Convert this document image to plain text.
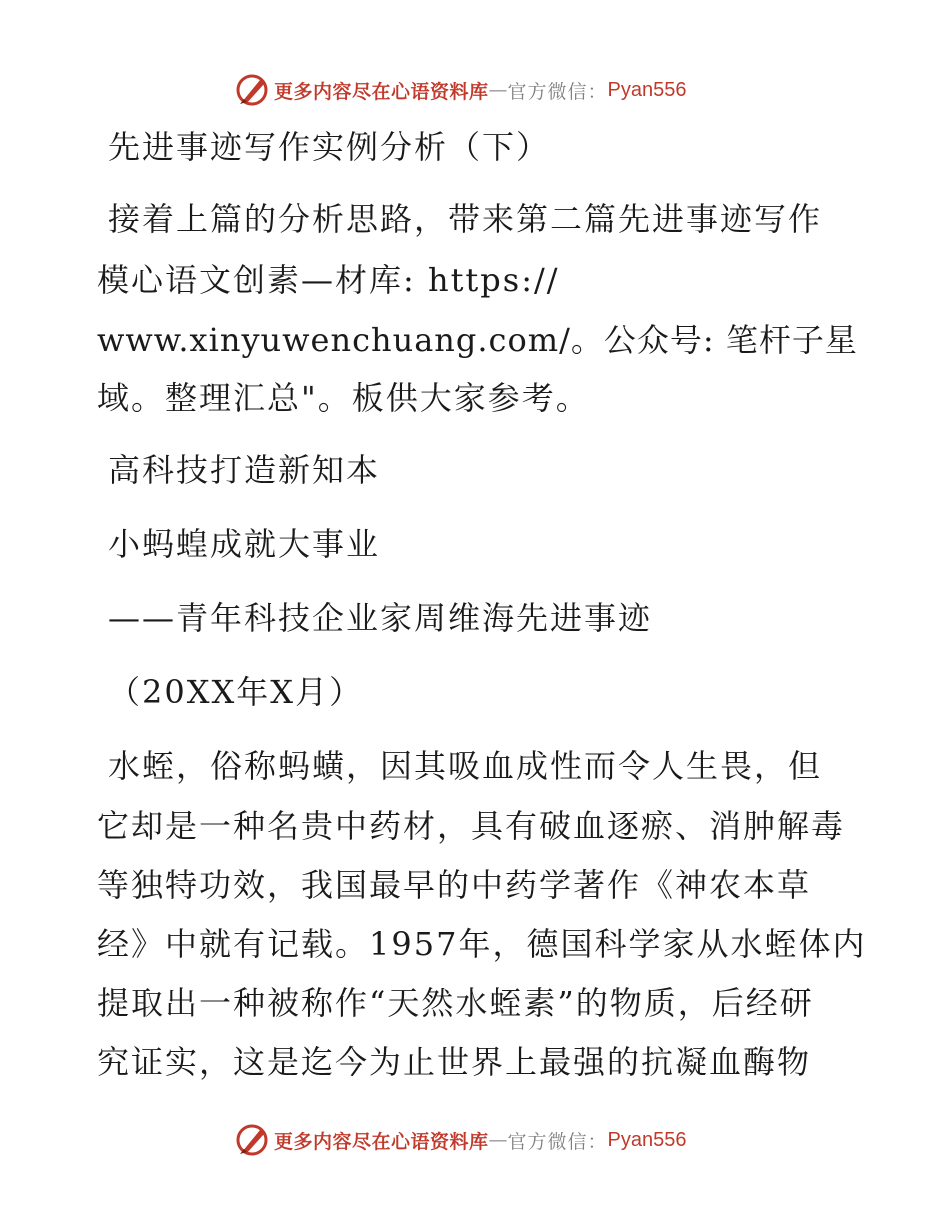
更多内容尽在心语资料库 — 官方微信： Pyan556
先进事迹写作实例分析（下）
接着上篇的分析思路，带来第二篇先进事迹写作
模心语文创素—材库: https://
www.xinyuwenchuang.com/。公众号: 笔杆子星
域。整理汇总"。板供大家参考。
高科技打造新知本
小蚂蝗成就大事业
——青年科技企业家周维海先进事迹
（20XX年X月）
水蛭，俗称蚂蟥，因其吸血成性而令人生畏，但
它却是一种名贵中药材，具有破血逐瘀、消肿解毒
等独特功效，我国最早的中药学著作《神农本草
经》中就有记载。1957年，德国科学家从水蛭体内
提取出一种被称作“天然水蛭素”的物质，后经研
究证实，这是迄今为止世界上最强的抗凝血酶物
更多内容尽在心语资料库 — 官方微信： Pyan556
